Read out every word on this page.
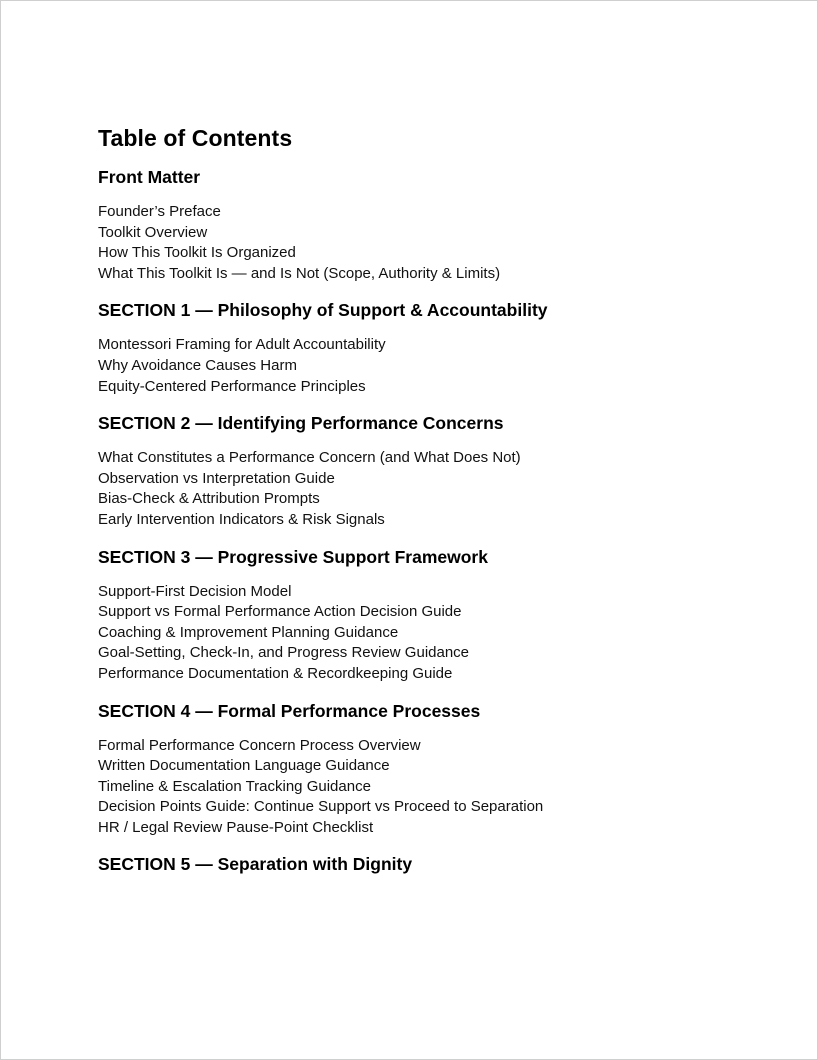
Table of Contents
Front Matter
Founder’s Preface
Toolkit Overview
How This Toolkit Is Organized
What This Toolkit Is — and Is Not (Scope, Authority & Limits)
SECTION 1 — Philosophy of Support & Accountability
Montessori Framing for Adult Accountability
Why Avoidance Causes Harm
Equity-Centered Performance Principles
SECTION 2 — Identifying Performance Concerns
What Constitutes a Performance Concern (and What Does Not)
Observation vs Interpretation Guide
Bias-Check & Attribution Prompts
Early Intervention Indicators & Risk Signals
SECTION 3 — Progressive Support Framework
Support-First Decision Model
Support vs Formal Performance Action Decision Guide
Coaching & Improvement Planning Guidance
Goal-Setting, Check-In, and Progress Review Guidance
Performance Documentation & Recordkeeping Guide
SECTION 4 — Formal Performance Processes
Formal Performance Concern Process Overview
Written Documentation Language Guidance
Timeline & Escalation Tracking Guidance
Decision Points Guide: Continue Support vs Proceed to Separation
HR / Legal Review Pause-Point Checklist
SECTION 5 — Separation with Dignity
